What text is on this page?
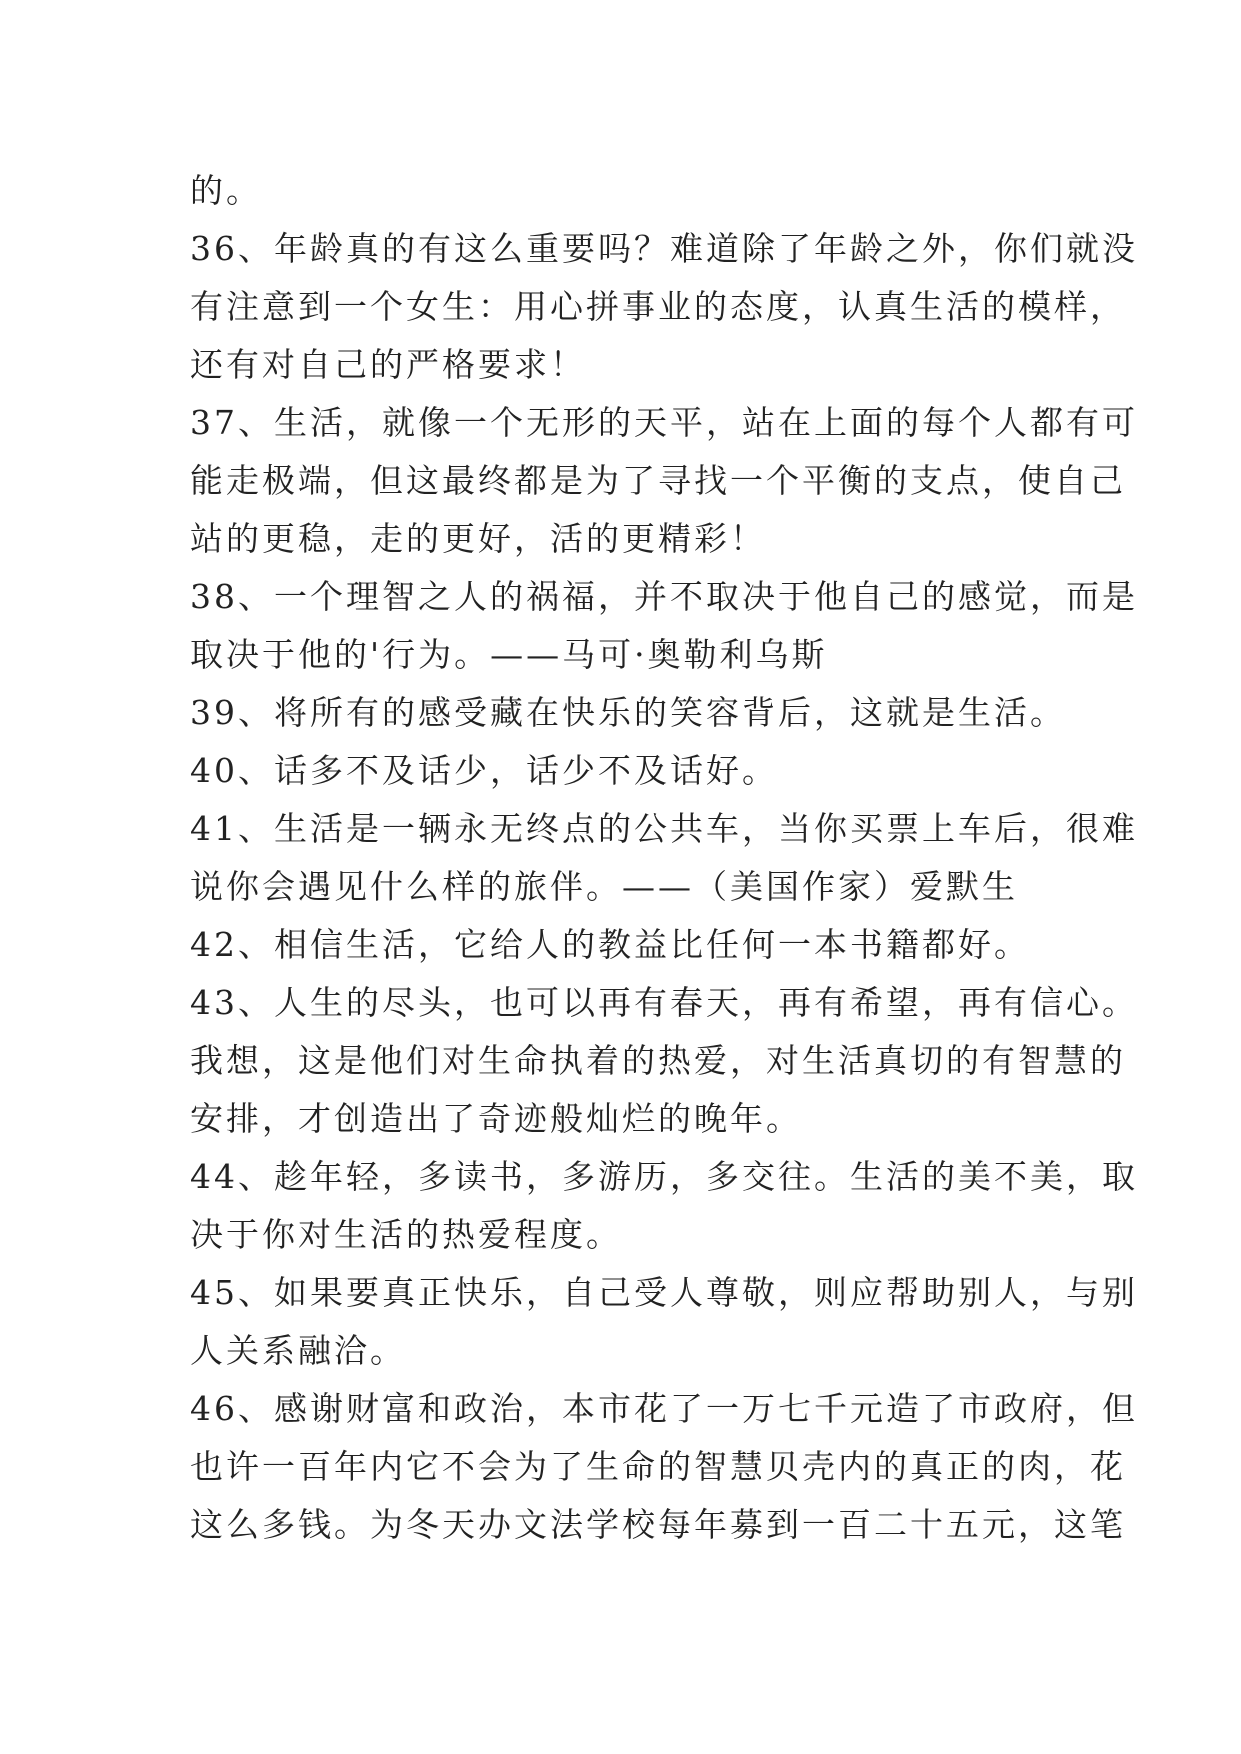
的。
36、年龄真的有这么重要吗？难道除了年龄之外，你们就没
有注意到一个女生：用心拼事业的态度，认真生活的模样，
还有对自己的严格要求！
37、生活，就像一个无形的天平，站在上面的每个人都有可
能走极端，但这最终都是为了寻找一个平衡的支点，使自己
站的更稳，走的更好，活的更精彩！
38、一个理智之人的祸福，并不取决于他自己的感觉，而是
取决于他的'行为。——马可·奥勒利乌斯
39、将所有的感受藏在快乐的笑容背后，这就是生活。
40、话多不及话少，话少不及话好。
41、生活是一辆永无终点的公共车，当你买票上车后，很难
说你会遇见什么样的旅伴。——（美国作家）爱默生
42、相信生活，它给人的教益比任何一本书籍都好。
43、人生的尽头，也可以再有春天，再有希望，再有信心。
我想，这是他们对生命执着的热爱，对生活真切的有智慧的
安排，才创造出了奇迹般灿烂的晚年。
44、趁年轻，多读书，多游历，多交往。生活的美不美，取
决于你对生活的热爱程度。
45、如果要真正快乐，自己受人尊敬，则应帮助别人，与别
人关系融洽。
46、感谢财富和政治，本市花了一万七千元造了市政府，但
也许一百年内它不会为了生命的智慧贝壳内的真正的肉，花
这么多钱。为冬天办文法学校每年募到一百二十五元，这笔
